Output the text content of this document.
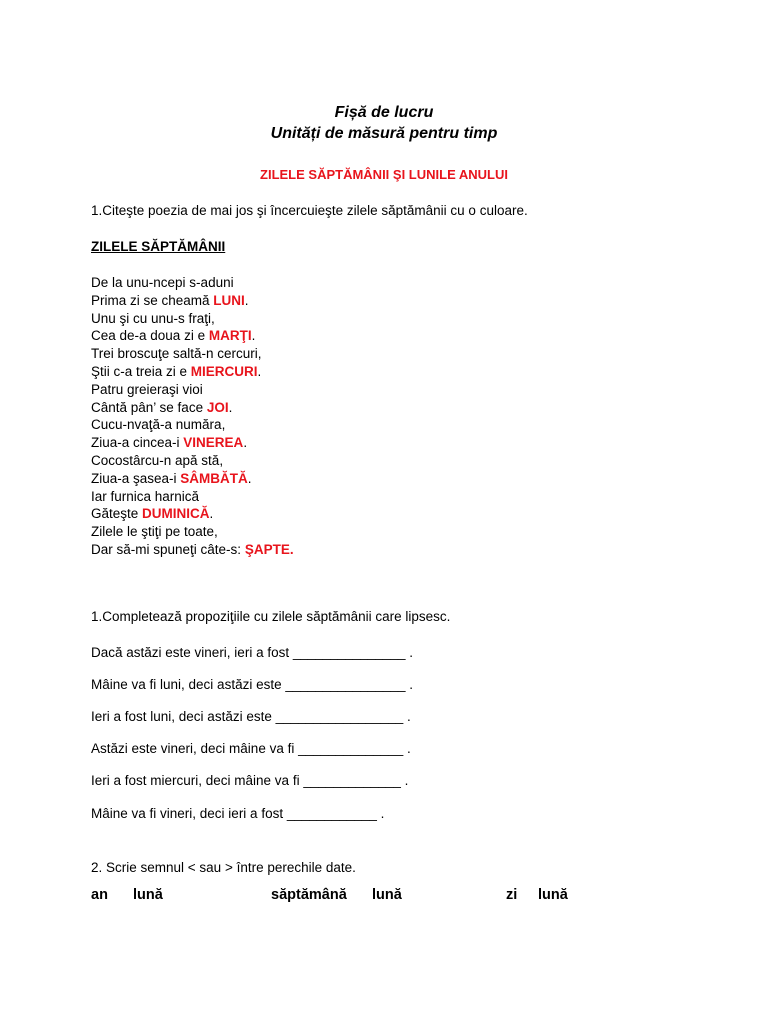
Fișă de lucru
Unități de măsură pentru timp
ZILELE SĂPTĂMÂNII ŞI LUNILE ANULUI
1.Citeşte poezia de mai jos şi încercuieşte zilele săptămânii cu o culoare.
ZILELE SĂPTĂMÂNII
De la unu-ncepi s-aduni
Prima zi se cheamă LUNI.
Unu şi cu unu-s fraţi,
Cea de-a doua zi e MARŢI.
Trei broscuţe saltă-n cercuri,
Ştii c-a treia zi e MIERCURI.
Patru greieraşi vioi
Cântă pân’ se face JOI.
Cucu-nvaţă-a număra,
Ziua-a cincea-i VINEREA.
Cocostârcu-n apă stă,
Ziua-a şasea-i SÂMBĂTĂ.
Iar furnica harnică
Găteşte DUMINICĂ.
Zilele le ştiţi pe toate,
Dar să-mi spuneţi câte-s: ŞAPTE.
1.Completează propoziţiile cu zilele săptămânii care lipsesc.
Dacă astăzi este vineri, ieri a fost _______________ .
Mâine va fi luni, deci astăzi este ________________ .
Ieri a fost luni, deci astăzi este _________________ .
Astăzi este vineri, deci mâine va fi ______________ .
Ieri a fost miercuri, deci mâine va fi _____________ .
Mâine va fi vineri, deci ieri a fost ____________ .
2. Scrie semnul < sau > între perechile date.
an lună	săptămână lună	zi lună
